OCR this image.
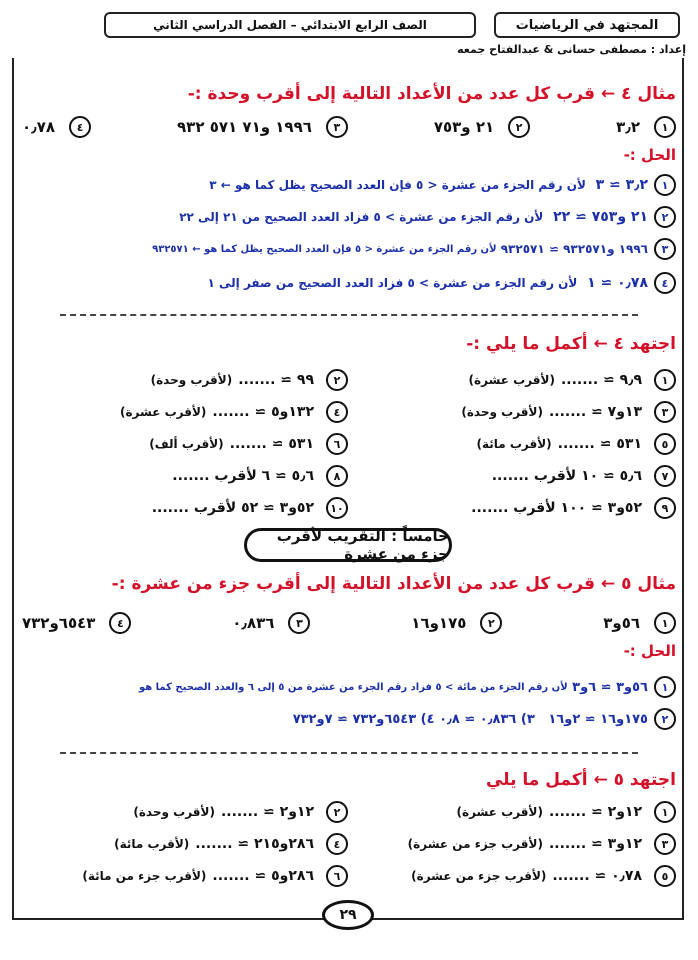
المجتهد في الرياضيات
الصف الرابع الابتدائي – الفصل الدراسي الثاني
إعداد : مصطفى حسانى & عبدالفتاح جمعه
مثال ٤ ← قرب كل عدد من الأعداد التالية إلى أقرب وحدة :-
١
٣٫٢
٢
٢١ و٧٥٣
٣
١٩٩٦ و٧١ ٥٧١ ٩٣٢
٤
٠٫٧٨
الحل :-
١
٣٫٢ ≃ ٣

لأن رقم الجزء من عشرة < ٥ فإن العدد الصحيح يظل كما هو ← ٣
٢
٢١ و٧٥٣ ≃ ٢٢

لأن رقم الجزء من عشرة > ٥ فزاد العدد الصحيح من ٢١ إلى ٢٢
٣
١٩٩٦ و٩٣٢٥٧١ ≃ ٩٣٢٥٧١

لأن رقم الجزء من عشرة < ٥ فإن العدد الصحيح يظل كما هو ← ٩٣٢٥٧١
٤
٠٫٧٨ ≃ ١

لأن رقم الجزء من عشرة > ٥ فزاد العدد الصحيح من صفر إلى ١
اجتهد ٤ ← أكمل ما يلي :-
١
٩٫٩ ≃ .......
(لأقرب عشرة)
٢
٩٩ ≃ .......
(لأقرب وحدة)
٣
١٣و٧ ≃ .......
(لأقرب وحدة)
٤
١٣٢و٥ ≃ .......
(لأقرب عشرة)
٥
٥٣١ ≃ .......
(لأقرب مائة)
٦
٥٣١ ≃ .......
(لأقرب ألف)
٧
٥٫٦ ≃ ١٠ لأقرب .......
٨
٥٫٦ ≃ ٦ لأقرب .......
٩
٥٢و٣ ≃ ١٠٠ لأقرب .......
١٠
٥٢و٣ ≃ ٥٢ لأقرب .......
خامساً : التقريب لأقرب جزء من عشرة
مثال ٥ ← قرب كل عدد من الأعداد التالية إلى أقرب جزء من عشرة :-
١
٥٦و٣
٢
١٧٥و١٦
٣
٠٫٨٣٦
٤
٦٥٤٣و٧٣٢
الحل :-
١
٥٦و٣ ≃ ٦و٣

لأن رقم الجزء من مائة > ٥ فزاد رقم الجزء من عشرة من ٥ إلى ٦ والعدد الصحيح كما هو
٢
١٧٥و١٦ ≃ ٢و١٦

٣) ٠٫٨٣٦ ≃ ٠٫٨ ٤) ٦٥٤٣و٧٣٢ ≃ ٧و٧٣٢
اجتهد ٥ ← أكمل ما يلي
١
١٢و٢ ≃ .......
(لأقرب عشرة)
٢
١٢و٢ ≃ .......
(لأقرب وحدة)
٣
١٢و٣ ≃ .......
(لأقرب جزء من عشرة)
٤
٢٨٦و٢١٥ ≃ .......
(لأقرب مائة)
٥
٠٫٧٨ ≃ .......
(لأقرب جزء من عشرة)
٦
٢٨٦و٥ ≃ .......
(لأقرب جزء من مائة)
٢٩
